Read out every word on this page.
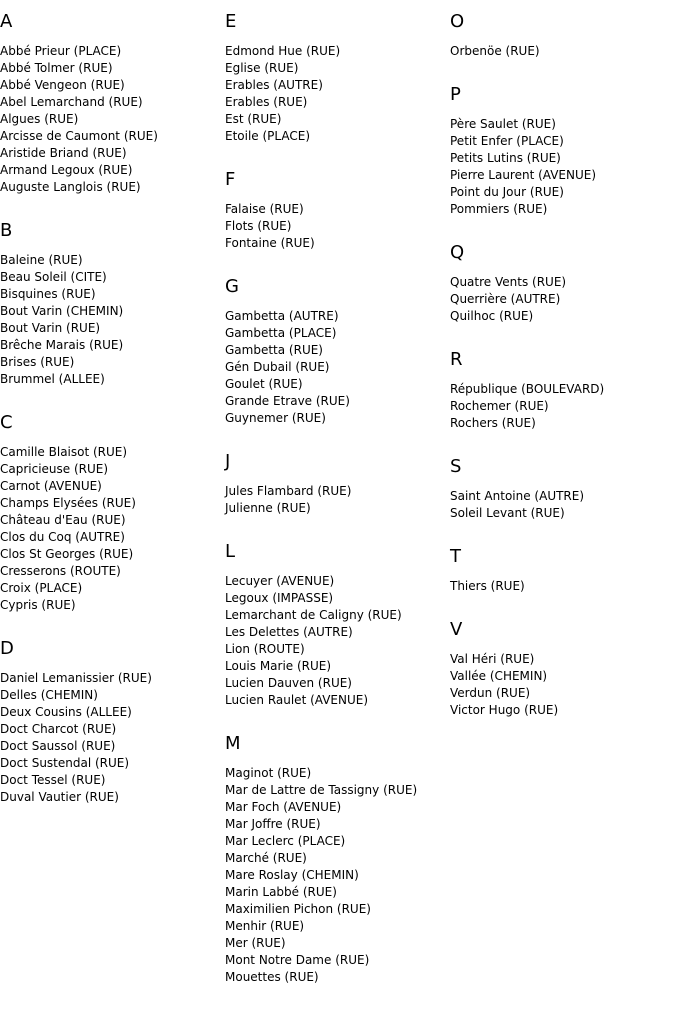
A
Abbé Prieur (PLACE)
Abbé Tolmer (RUE)
Abbé Vengeon (RUE)
Abel Lemarchand (RUE)
Algues (RUE)
Arcisse de Caumont (RUE)
Aristide Briand (RUE)
Armand Legoux (RUE)
Auguste Langlois (RUE)
B
Baleine (RUE)
Beau Soleil (CITE)
Bisquines (RUE)
Bout Varin (CHEMIN)
Bout Varin (RUE)
Brêche Marais (RUE)
Brises (RUE)
Brummel (ALLEE)
C
Camille Blaisot (RUE)
Capricieuse (RUE)
Carnot (AVENUE)
Champs Elysées (RUE)
Château d'Eau (RUE)
Clos du Coq (AUTRE)
Clos St Georges (RUE)
Cresserons (ROUTE)
Croix (PLACE)
Cypris (RUE)
D
Daniel Lemanissier (RUE)
Delles (CHEMIN)
Deux Cousins (ALLEE)
Doct Charcot (RUE)
Doct Saussol (RUE)
Doct Sustendal (RUE)
Doct Tessel (RUE)
Duval Vautier (RUE)
E
Edmond Hue (RUE)
Eglise (RUE)
Erables (AUTRE)
Erables (RUE)
Est (RUE)
Etoile (PLACE)
F
Falaise (RUE)
Flots (RUE)
Fontaine (RUE)
G
Gambetta (AUTRE)
Gambetta (PLACE)
Gambetta (RUE)
Gén Dubail (RUE)
Goulet (RUE)
Grande Etrave (RUE)
Guynemer (RUE)
J
Jules Flambard (RUE)
Julienne (RUE)
L
Lecuyer (AVENUE)
Legoux (IMPASSE)
Lemarchant de Caligny (RUE)
Les Delettes (AUTRE)
Lion (ROUTE)
Louis Marie (RUE)
Lucien Dauven (RUE)
Lucien Raulet (AVENUE)
M
Maginot (RUE)
Mar de Lattre de Tassigny (RUE)
Mar Foch (AVENUE)
Mar Joffre (RUE)
Mar Leclerc (PLACE)
Marché (RUE)
Mare Roslay (CHEMIN)
Marin Labbé (RUE)
Maximilien Pichon (RUE)
Menhir (RUE)
Mer (RUE)
Mont Notre Dame (RUE)
Mouettes (RUE)
O
Orbenöe (RUE)
P
Père Saulet (RUE)
Petit Enfer (PLACE)
Petits Lutins (RUE)
Pierre Laurent (AVENUE)
Point du Jour (RUE)
Pommiers (RUE)
Q
Quatre Vents (RUE)
Querrière (AUTRE)
Quilhoc (RUE)
R
République (BOULEVARD)
Rochemer (RUE)
Rochers (RUE)
S
Saint Antoine (AUTRE)
Soleil Levant (RUE)
T
Thiers (RUE)
V
Val Héri (RUE)
Vallée (CHEMIN)
Verdun (RUE)
Victor Hugo (RUE)
